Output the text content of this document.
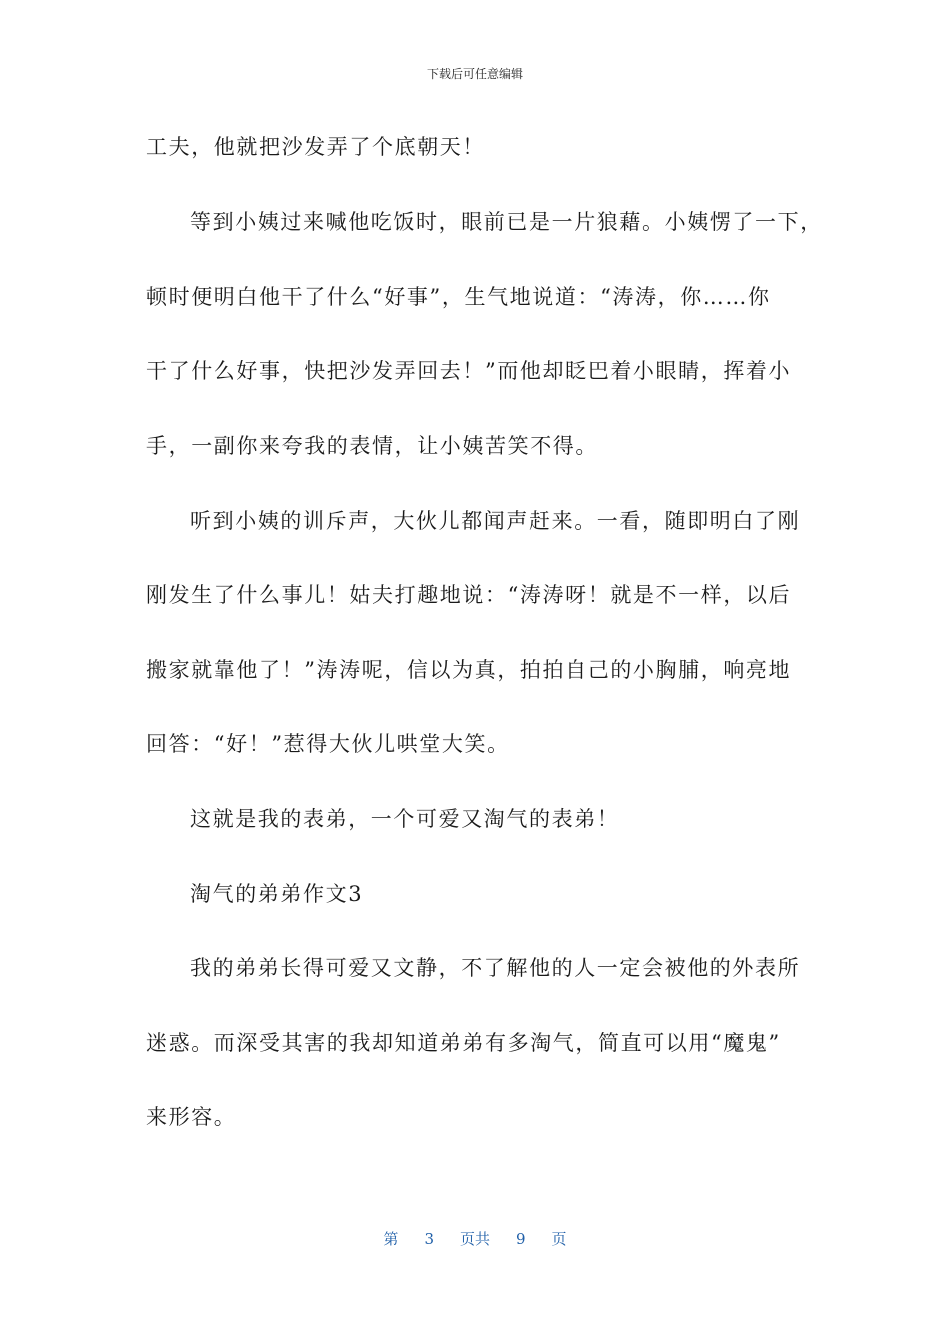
下载后可任意编辑
工夫，他就把沙发弄了个底朝天！
等到小姨过来喊他吃饭时，眼前已是一片狼藉。小姨愣了一下，
顿时便明白他干了什么“好事”，生气地说道：“涛涛，你……你
干了什么好事，快把沙发弄回去！”而他却眨巴着小眼睛，挥着小
手，一副你来夸我的表情，让小姨苦笑不得。
听到小姨的训斥声，大伙儿都闻声赶来。一看，随即明白了刚
刚发生了什么事儿！姑夫打趣地说：“涛涛呀！就是不一样，以后
搬家就靠他了！”涛涛呢，信以为真，拍拍自己的小胸脯，响亮地
回答：“好！”惹得大伙儿哄堂大笑。
这就是我的表弟，一个可爱又淘气的表弟！
淘气的弟弟作文3
我的弟弟长得可爱又文静，不了解他的人一定会被他的外表所
迷惑。而深受其害的我却知道弟弟有多淘气，简直可以用“魔鬼”
来形容。
第 3 页共 9 页
